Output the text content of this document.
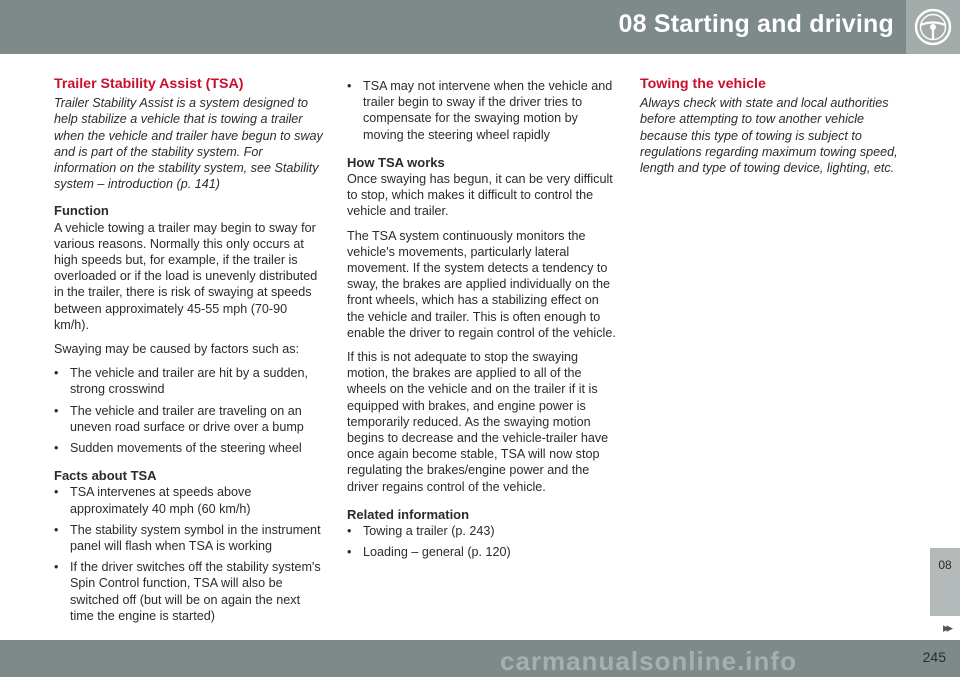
08 Starting and driving
Trailer Stability Assist (TSA)

Trailer Stability Assist is a system designed to help stabilize a vehicle that is towing a trailer when the vehicle and trailer have begun to sway and is part of the stability system. For information on the stability system, see Stability system – introduction (p. 141)

Function

A vehicle towing a trailer may begin to sway for various reasons. Normally this only occurs at high speeds but, for example, if the trailer is overloaded or if the load is unevenly distributed in the trailer, there is risk of swaying at speeds between approximately 45-55 mph (70-90 km/h).

Swaying may be caused by factors such as:

• The vehicle and trailer are hit by a sudden, strong crosswind
• The vehicle and trailer are traveling on an uneven road surface or drive over a bump
• Sudden movements of the steering wheel
Facts about TSA
• TSA intervenes at speeds above approximately 40 mph (60 km/h)
• The stability system symbol in the instrument panel will flash when TSA is working
• If the driver switches off the stability system's Spin Control function, TSA will also be switched off (but will be on again the next time the engine is started)
• TSA may not intervene when the vehicle and trailer begin to sway if the driver tries to compensate for the swaying motion by moving the steering wheel rapidly
How TSA works

Once swaying has begun, it can be very difficult to stop, which makes it difficult to control the vehicle and trailer.

The TSA system continuously monitors the vehicle's movements, particularly lateral movement. If the system detects a tendency to sway, the brakes are applied individually on the front wheels, which has a stabilizing effect on the vehicle and trailer. This is often enough to enable the driver to regain control of the vehicle.

If this is not adequate to stop the swaying motion, the brakes are applied to all of the wheels on the vehicle and on the trailer if it is equipped with brakes, and engine power is temporarily reduced. As the swaying motion begins to decrease and the vehicle-trailer have once again become stable, TSA will now stop regulating the brakes/engine power and the driver regains control of the vehicle.

Related information
• Towing a trailer (p. 243)
• Loading – general (p. 120)
Towing the vehicle

Always check with state and local authorities before attempting to tow another vehicle because this type of towing is subject to regulations regarding maximum towing speed, length and type of towing device, lighting, etc.

08
▸▸
carmanualsonline.info	245
